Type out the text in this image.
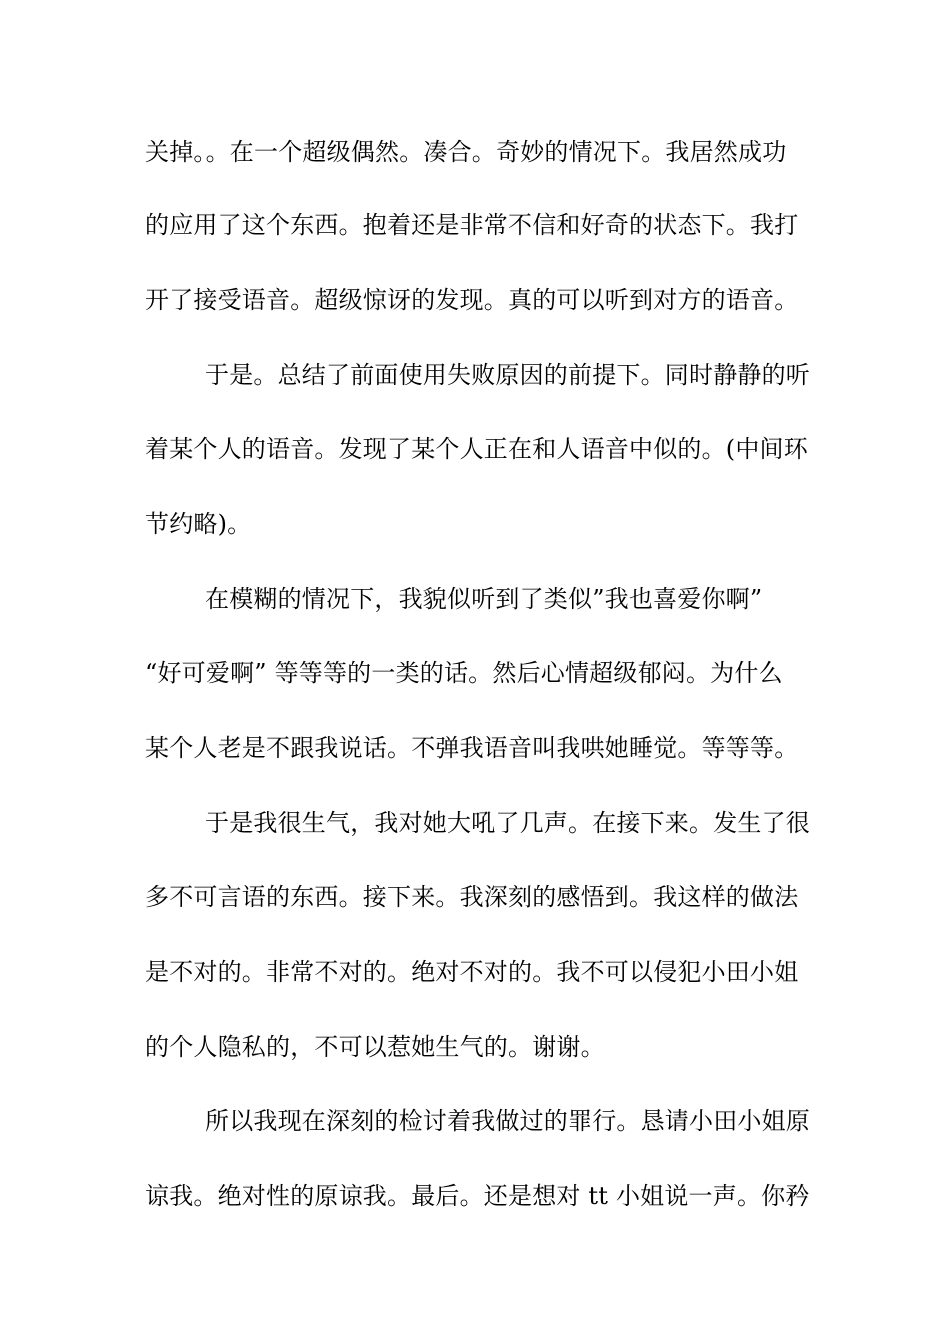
关掉。。在一个超级偶然。凑合。奇妙的情况下。我居然成功
的应用了这个东西。抱着还是非常不信和好奇的状态下。我打
开了接受语音。超级惊讶的发现。真的可以听到对方的语音。
于是。总结了前面使用失败原因的前提下。同时静静的听
着某个人的语音。发现了某个人正在和人语音中似的。(中间环
节约略)。
在模糊的情况下，我貌似听到了类似”我也喜爱你啊”
“好可爱啊” 等等等的一类的话。然后心情超级郁闷。为什么
某个人老是不跟我说话。不弹我语音叫我哄她睡觉。等等等。
于是我很生气，我对她大吼了几声。在接下来。发生了很
多不可言语的东西。接下来。我深刻的感悟到。我这样的做法
是不对的。非常不对的。绝对不对的。我不可以侵犯小田小姐
的个人隐私的，不可以惹她生气的。谢谢。
所以我现在深刻的检讨着我做过的罪行。恳请小田小姐原
谅我。绝对性的原谅我。最后。还是想对 tt 小姐说一声。你矜
